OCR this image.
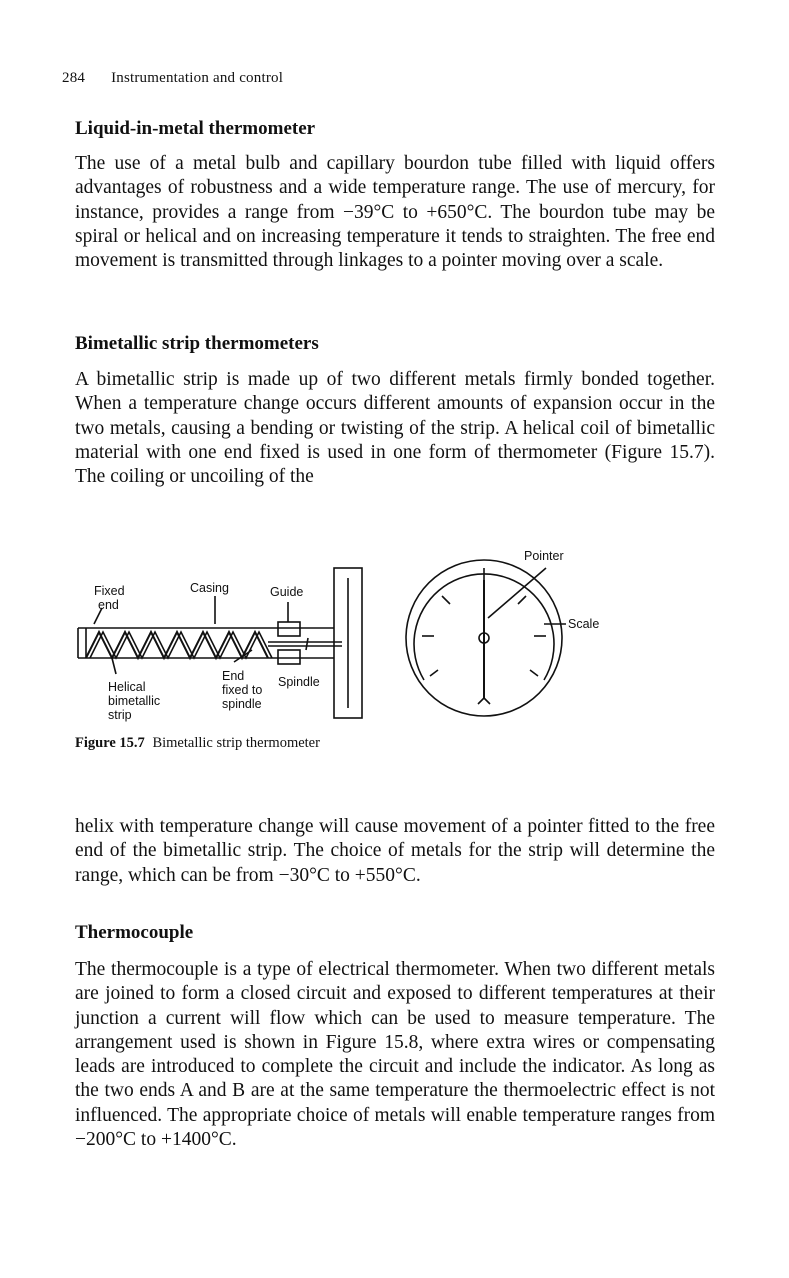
284 Instrumentation and control
Liquid-in-metal thermometer

The use of a metal bulb and capillary bourdon tube filled with liquid offers advantages of robustness and a wide temperature range. The use of mercury, for instance, provides a range from −39°C to +650°C. The bourdon tube may be spiral or helical and on increasing temperature it tends to straighten. The free end movement is transmitted through linkages to a pointer moving over a scale.

Bimetallic strip thermometers

A bimetallic strip is made up of two different metals firmly bonded together. When a temperature change occurs different amounts of expansion occur in the two metals, causing a bending or twisting of the strip. A helical coil of bimetallic material with one end fixed is used in one form of thermometer (Figure 15.7). The coiling or uncoiling of the

Fixed
end
Casing	Guide
End
fixed to
spindle
Helical
bimetallic
strip
Spindle
Pointer
Scale
Figure 15.7 Bimetallic strip thermometer

helix with temperature change will cause movement of a pointer fitted to the free end of the bimetallic strip. The choice of metals for the strip will determine the range, which can be from −30°C to +550°C.

Thermocouple

The thermocouple is a type of electrical thermometer. When two different metals are joined to form a closed circuit and exposed to different temperatures at their junction a current will flow which can be used to measure temperature. The arrangement used is shown in Figure 15.8, where extra wires or compensating leads are introduced to complete the circuit and include the indicator. As long as the two ends A and B are at the same temperature the thermoelectric effect is not influenced. The appropriate choice of metals will enable temperature ranges from −200°C to +1400°C.
